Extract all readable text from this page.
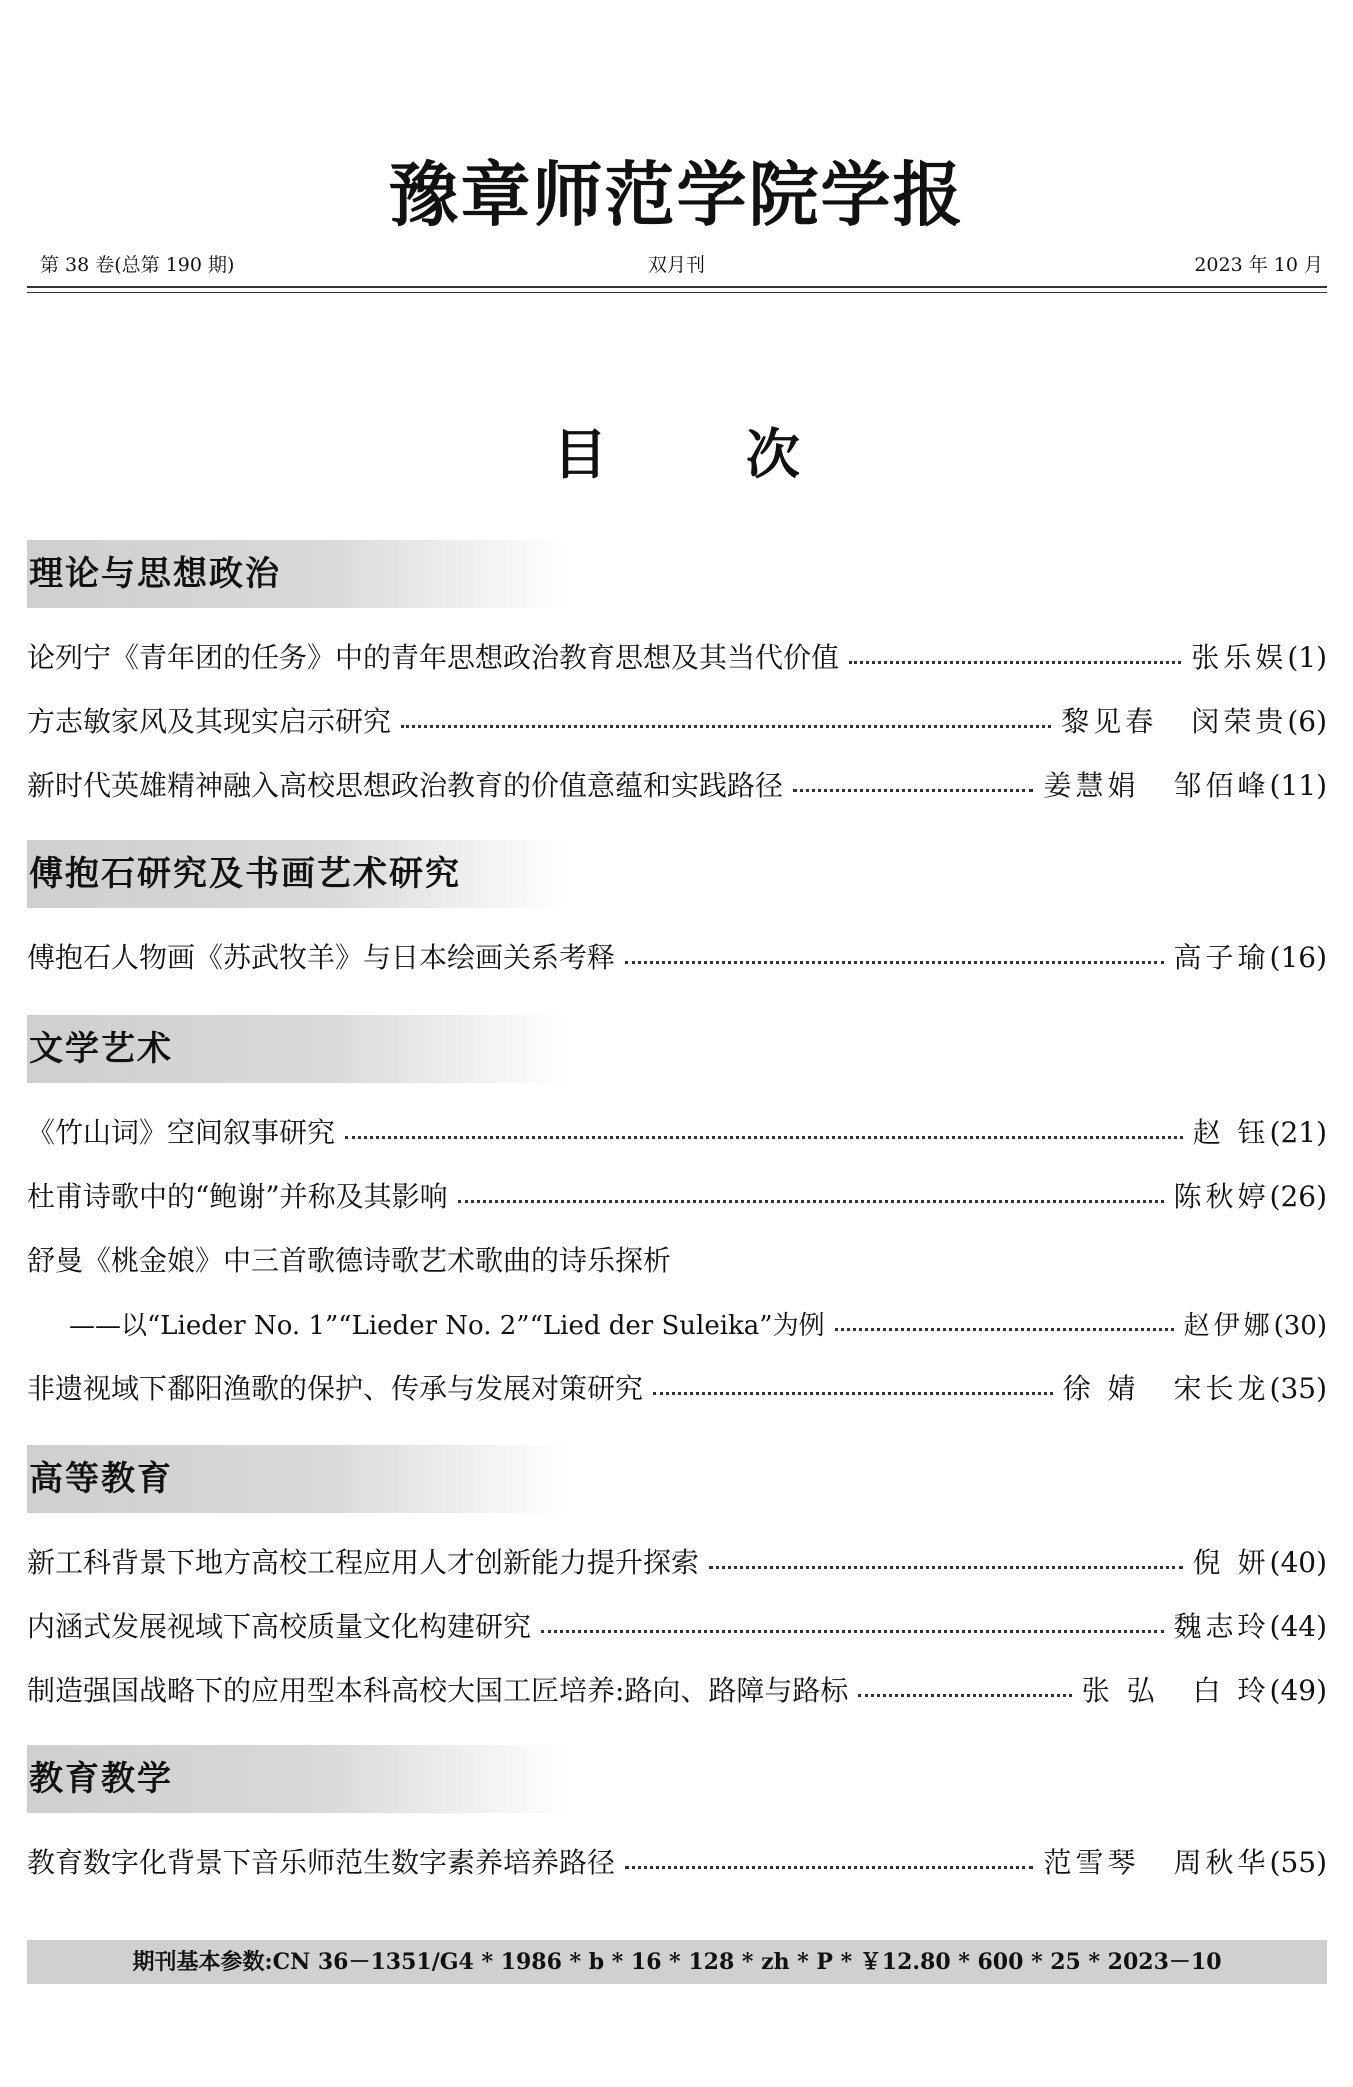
豫章师范学院学报
第 38 卷(总第 190 期)	双月刊	2023 年 10 月
目 次
理论与思想政治
论列宁《青年团的任务》中的青年思想政治教育思想及其当代价值	张乐娱(1)
方志敏家风及其现实启示研究	黎见春 闵荣贵(6)
新时代英雄精神融入高校思想政治教育的价值意蕴和实践路径	姜慧娟 邹佰峰(11)
傅抱石研究及书画艺术研究
傅抱石人物画《苏武牧羊》与日本绘画关系考释	高子瑜(16)
文学艺术
《竹山词》空间叙事研究	赵 钰(21)
杜甫诗歌中的“鲍谢”并称及其影响	陈秋婷(26)
舒曼《桃金娘》中三首歌德诗歌艺术歌曲的诗乐探析
——以“Lieder No. 1”“Lieder No. 2”“Lied der Suleika”为例	赵伊娜(30)
非遗视域下鄱阳渔歌的保护、传承与发展对策研究	徐 婧 宋长龙(35)
高等教育
新工科背景下地方高校工程应用人才创新能力提升探索	倪 妍(40)
内涵式发展视域下高校质量文化构建研究	魏志玲(44)
制造强国战略下的应用型本科高校大国工匠培养:路向、路障与路标	张 弘 白 玲(49)
教育教学
教育数字化背景下音乐师范生数字素养培养路径	范雪琴 周秋华(55)
期刊基本参数:CN 36－1351/G4 * 1986 * b * 16 * 128 * zh * P * ￥12.80 * 600 * 25 * 2023－10
